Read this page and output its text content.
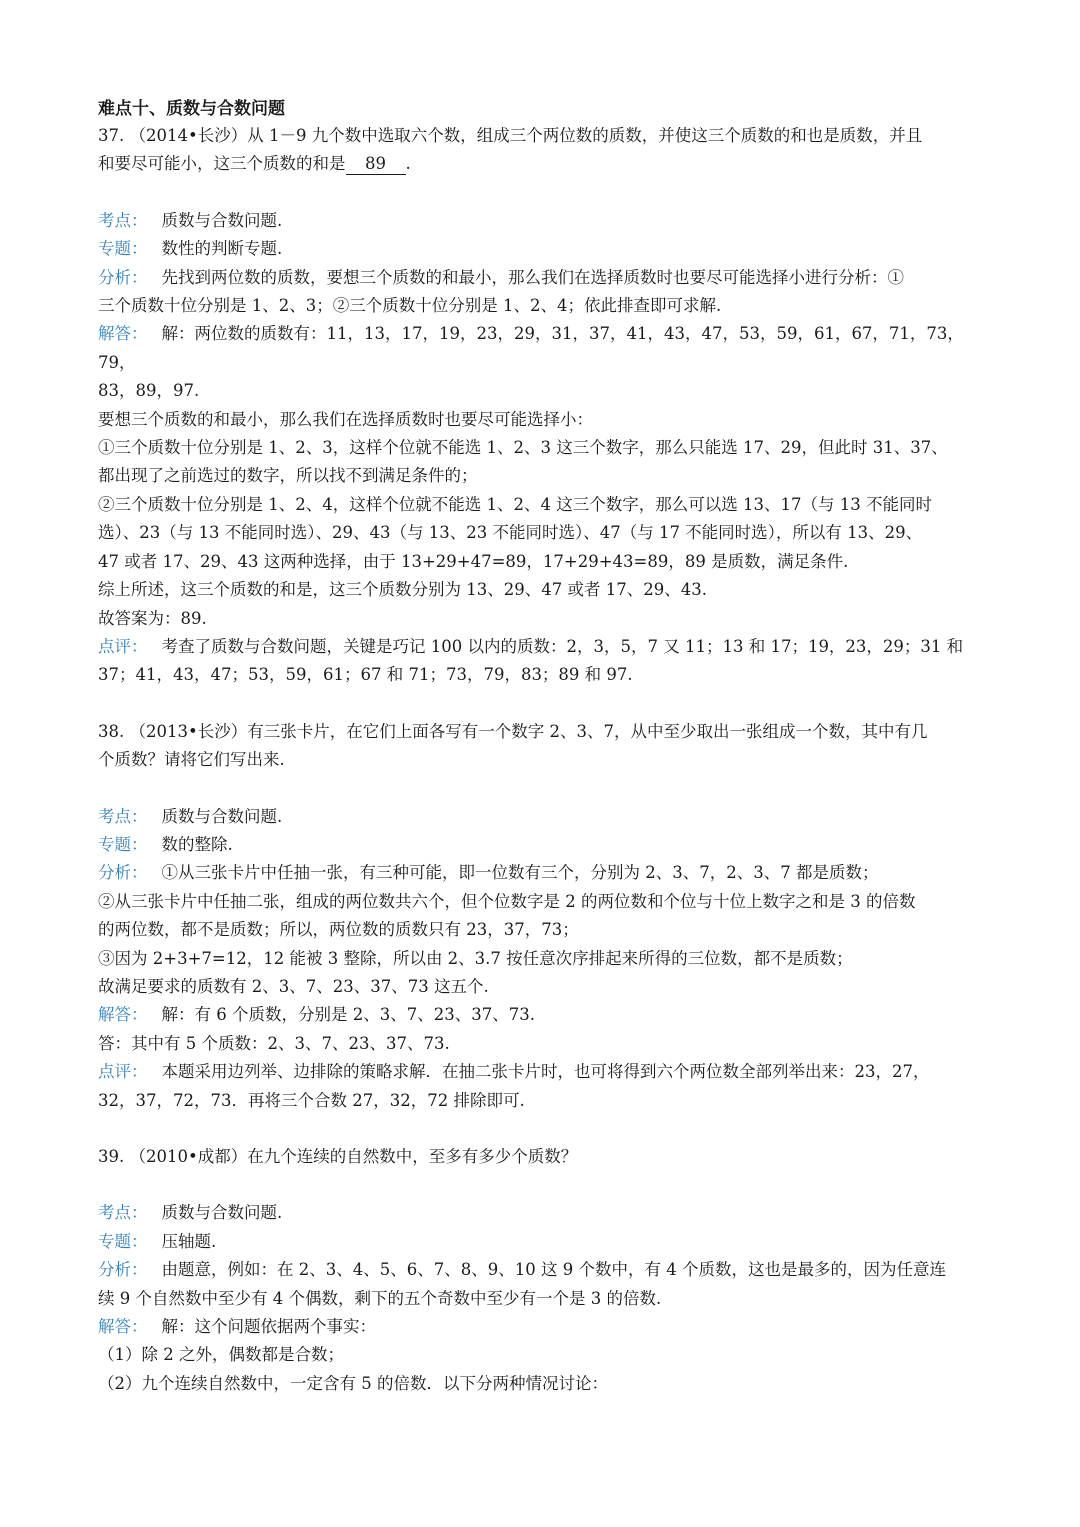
难点十、质数与合数问题

37. （2014•长沙）从 1－9 九个数中选取六个数，组成三个两位数的质数，并使这三个质数的和也是质数，并且

和要尽可能小，这三个质数的和是 89 .

考点： 质数与合数问题.

专题： 数性的判断专题.

分析： 先找到两位数的质数，要想三个质数的和最小，那么我们在选择质数时也要尽可能选择小进行分析：①

三个质数十位分别是 1、2、3；②三个质数十位分别是 1、2、4；依此排查即可求解.

解答： 解：两位数的质数有：11，13，17，19，23，29，31，37，41，43，47，53，59，61，67，71，73，79，

83，89，97.

要想三个质数的和最小，那么我们在选择质数时也要尽可能选择小：

①三个质数十位分别是 1、2、3，这样个位就不能选 1、2、3 这三个数字，那么只能选 17、29，但此时 31、37、

都出现了之前选过的数字，所以找不到满足条件的；

②三个质数十位分别是 1、2、4，这样个位就不能选 1、2、4 这三个数字，那么可以选 13、17（与 13 不能同时

选）、23（与 13 不能同时选）、29、43（与 13、23 不能同时选）、47（与 17 不能同时选），所以有 13、29、

47 或者 17、29、43 这两种选择，由于 13+29+47=89，17+29+43=89，89 是质数，满足条件.

综上所述，这三个质数的和是，这三个质数分别为 13、29、47 或者 17、29、43.

故答案为：89.

点评： 考查了质数与合数问题，关键是巧记 100 以内的质数：2，3，5，7 又 11；13 和 17；19，23，29；31 和

37；41，43，47；53，59，61；67 和 71；73，79，83；89 和 97.

38. （2013•长沙）有三张卡片，在它们上面各写有一个数字 2、3、7，从中至少取出一张组成一个数，其中有几

个质数？请将它们写出来.

考点： 质数与合数问题.

专题： 数的整除.

分析： ①从三张卡片中任抽一张，有三种可能，即一位数有三个，分别为 2、3、7，2、3、7 都是质数；

②从三张卡片中任抽二张，组成的两位数共六个，但个位数字是 2 的两位数和个位与十位上数字之和是 3 的倍数

的两位数，都不是质数；所以，两位数的质数只有 23，37，73；

③因为 2+3+7=12，12 能被 3 整除，所以由 2、3.7 按任意次序排起来所得的三位数，都不是质数；

故满足要求的质数有 2、3、7、23、37、73 这五个.

解答： 解：有 6 个质数，分别是 2、3、7、23、37、73.

答：其中有 5 个质数：2、3、7、23、37、73.

点评： 本题采用边列举、边排除的策略求解．在抽二张卡片时，也可将得到六个两位数全部列举出来：23，27，

32，37，72，73．再将三个合数 27，32，72 排除即可.

39. （2010•成都）在九个连续的自然数中，至多有多少个质数？

考点： 质数与合数问题.

专题： 压轴题.

分析： 由题意，例如：在 2、3、4、5、6、7、8、9、10 这 9 个数中，有 4 个质数，这也是最多的，因为任意连

续 9 个自然数中至少有 4 个偶数，剩下的五个奇数中至少有一个是 3 的倍数.

解答： 解：这个问题依据两个事实：

（1）除 2 之外，偶数都是合数；

（2）九个连续自然数中，一定含有 5 的倍数．以下分两种情况讨论：
